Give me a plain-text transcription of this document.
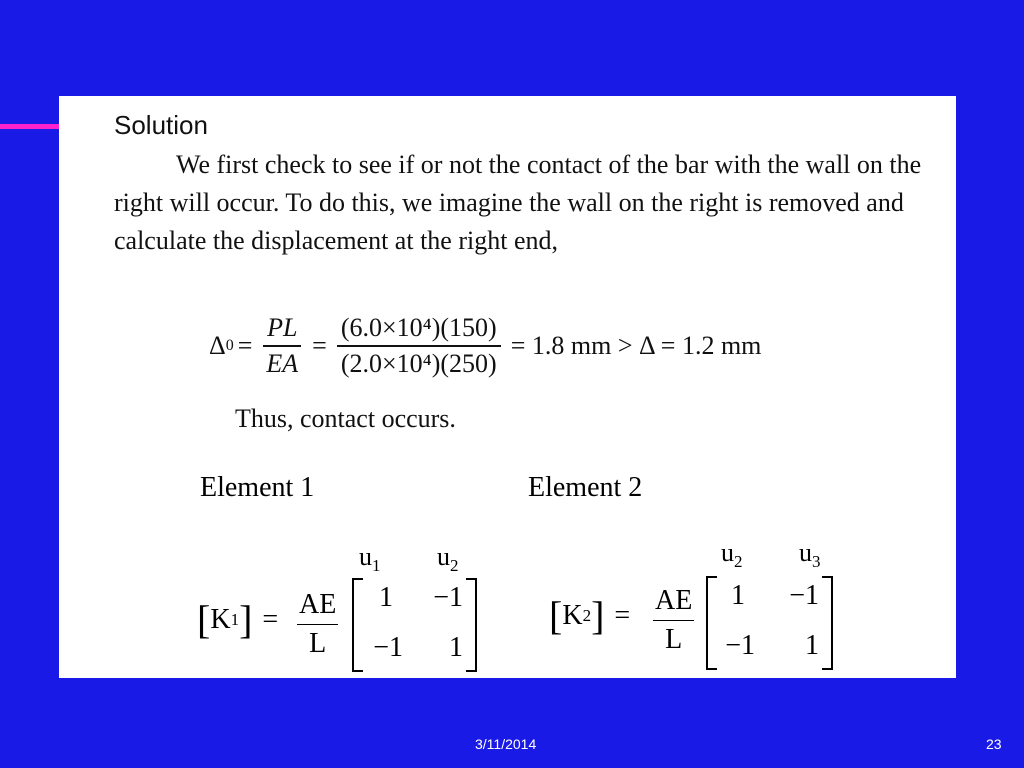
Solution

We first check to see if or not the contact of the bar with the wall on the right will occur. To do this, we imagine the wall on the right is removed and calculate the displacement at the right end,

Δ $0 = \frac{PL}{EA} = \frac{\text{(6.0×10⁴)(150)}}{\text{(2.0×10⁴)(250)}} = 1.8$ mm > Δ = 1.2 mm
Thus, contact occurs.
Element 1	Element 2
$u_1$ $u_2$
[ K 1 ] = $\frac{AE}{L}$	1	−1
−1	1
$u_2$ $u_3$
[ K 2 ] = $\frac{AE}{L}$	1	−1
−1	1
3/11/2014	23
